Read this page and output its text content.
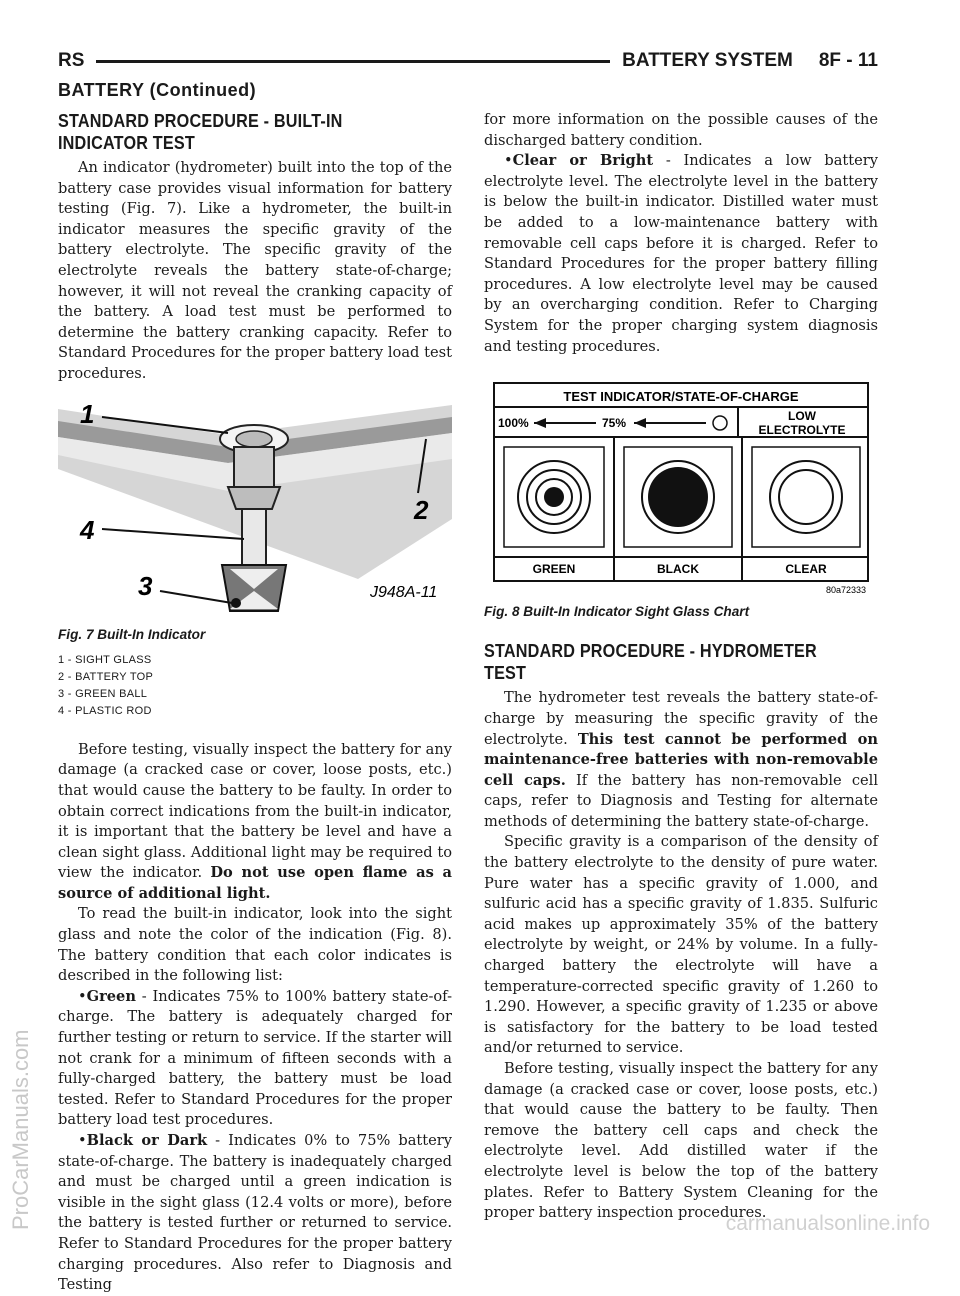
RS	BATTERY SYSTEM 8F - 11
BATTERY (Continued)
STANDARD PROCEDURE - BUILT-IN
INDICATOR TEST

An indicator (hydrometer) built into the top of the battery case provides visual information for battery testing (Fig. 7). Like a hydrometer, the built-in indicator measures the specific gravity of the battery electrolyte. The specific gravity of the electrolyte reveals the battery state-of-charge; however, it will not reveal the cranking capacity of the battery. A load test must be performed to determine the battery cranking capacity. Refer to Standard Procedures for the proper battery load test procedures.

1
2
3
4
J948A-11
Fig. 7 Built-In Indicator
1 - SIGHT GLASS
2 - BATTERY TOP
3 - GREEN BALL
4 - PLASTIC ROD

Before testing, visually inspect the battery for any damage (a cracked case or cover, loose posts, etc.) that would cause the battery to be faulty. In order to obtain correct indications from the built-in indicator, it is important that the battery be level and have a clean sight glass. Additional light may be required to view the indicator. Do not use open flame as a source of additional light.

To read the built-in indicator, look into the sight glass and note the color of the indication (Fig. 8). The battery condition that each color indicates is described in the following list:

•Green - Indicates 75% to 100% battery state-of-charge. The battery is adequately charged for further testing or return to service. If the starter will not crank for a minimum of fifteen seconds with a fully-charged battery, the battery must be load tested. Refer to Standard Procedures for the proper battery load test procedures.

•Black or Dark - Indicates 0% to 75% battery state-of-charge. The battery is inadequately charged and must be charged until a green indication is visible in the sight glass (12.4 volts or more), before the battery is tested further or returned to service. Refer to Standard Procedures for the proper battery charging procedures. Also refer to Diagnosis and Testing

for more information on the possible causes of the discharged battery condition.

•Clear or Bright - Indicates a low battery electrolyte level. The electrolyte level in the battery is below the built-in indicator. Distilled water must be added to a low-maintenance battery with removable cell caps before it is charged. Refer to Standard Procedures for the proper battery filling procedures. A low electrolyte level may be caused by an overcharging condition. Refer to Charging System for the proper charging system diagnosis and testing procedures.

TEST INDICATOR/STATE-OF-CHARGE
100%	75%	LOW
ELECTROLYTE
GREEN	BLACK	CLEAR
80a72333
Fig. 8 Built-In Indicator Sight Glass Chart
STANDARD PROCEDURE - HYDROMETER TEST

The hydrometer test reveals the battery state-of-charge by measuring the specific gravity of the electrolyte. This test cannot be performed on maintenance-free batteries with non-removable cell caps. If the battery has non-removable cell caps, refer to Diagnosis and Testing for alternate methods of determining the battery state-of-charge.

Specific gravity is a comparison of the density of the battery electrolyte to the density of pure water. Pure water has a specific gravity of 1.000, and sulfuric acid has a specific gravity of 1.835. Sulfuric acid makes up approximately 35% of the battery electrolyte by weight, or 24% by volume. In a fully-charged battery the electrolyte will have a temperature-corrected specific gravity of 1.260 to 1.290. However, a specific gravity of 1.235 or above is satisfactory for the battery to be load tested and/or returned to service.

Before testing, visually inspect the battery for any damage (a cracked case or cover, loose posts, etc.) that would cause the battery to be faulty. Then remove the battery cell caps and check the electrolyte level. Add distilled water if the electrolyte level is below the top of the battery plates. Refer to Battery System Cleaning for the proper battery inspection procedures.

ProCarManuals.com	carmanualsonline.info
